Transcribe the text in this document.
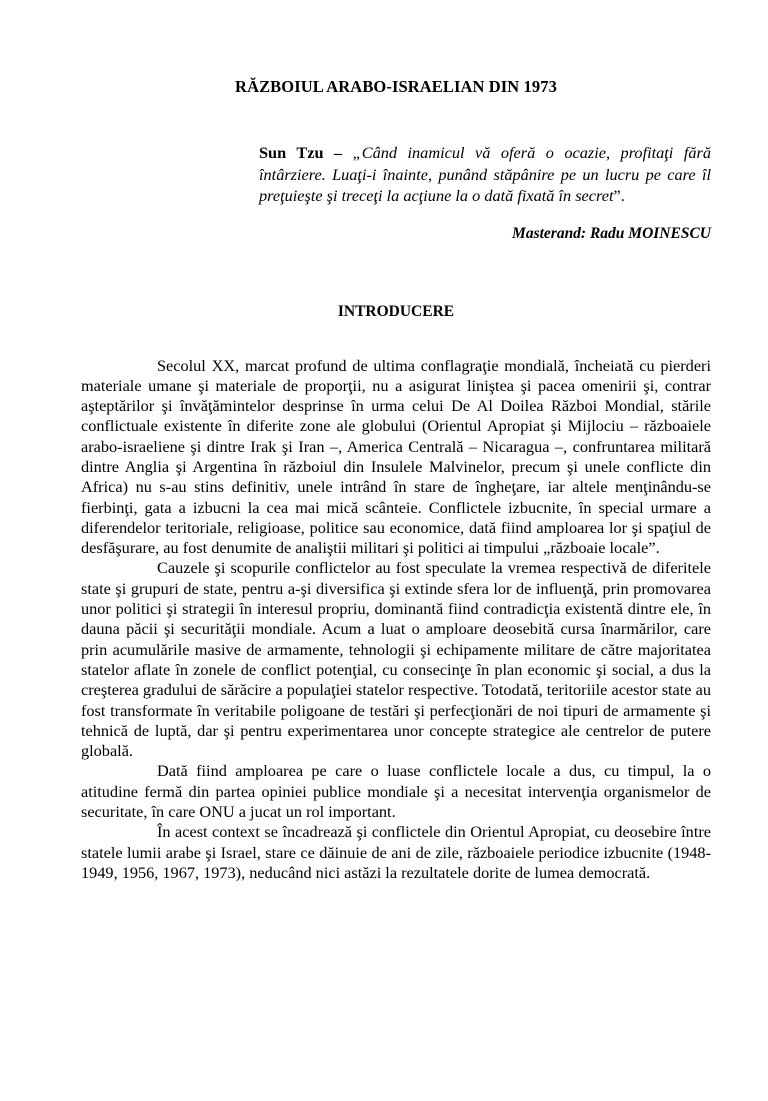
RĂZBOIUL ARABO-ISRAELIAN DIN 1973
Sun Tzu – „Când inamicul vă oferă o ocazie, profitaţi fără întârziere. Luaţi-i înainte, punând stăpânire pe un lucru pe care îl preţuieşte şi treceţi la acţiune la o dată fixată în secret”.
Masterand: Radu MOINESCU
INTRODUCERE

Secolul XX, marcat profund de ultima conflagraţie mondială, încheiată cu pierderi materiale umane şi materiale de proporţii, nu a asigurat liniştea şi pacea omenirii şi, contrar aşteptărilor şi învăţămintelor desprinse în urma celui De Al Doilea Război Mondial, stările conflictuale existente în diferite zone ale globului (Orientul Apropiat şi Mijlociu – războaiele arabo-israeliene şi dintre Irak şi Iran –, America Centrală – Nicaragua –, confruntarea militară dintre Anglia şi Argentina în războiul din Insulele Malvinelor, precum şi unele conflicte din Africa) nu s-au stins definitiv, unele intrând în stare de îngheţare, iar altele menţinându-se fierbinţi, gata a izbucni la cea mai mică scânteie. Conflictele izbucnite, în special urmare a diferendelor teritoriale, religioase, politice sau economice, dată fiind amploarea lor şi spaţiul de desfăşurare, au fost denumite de analiştii militari şi politici ai timpului „războaie locale”.

Cauzele şi scopurile conflictelor au fost speculate la vremea respectivă de diferitele state şi grupuri de state, pentru a-şi diversifica şi extinde sfera lor de influenţă, prin promovarea unor politici şi strategii în interesul propriu, dominantă fiind contradicţia existentă dintre ele, în dauna păcii şi securităţii mondiale. Acum a luat o amploare deosebită cursa înarmărilor, care prin acumulările masive de armamente, tehnologii şi echipamente militare de către majoritatea statelor aflate în zonele de conflict potenţial, cu consecinţe în plan economic şi social, a dus la creşterea gradului de sărăcire a populaţiei statelor respective. Totodată, teritoriile acestor state au fost transformate în veritabile poligoane de testări şi perfecţionări de noi tipuri de armamente şi tehnică de luptă, dar şi pentru experimentarea unor concepte strategice ale centrelor de putere globală.

Dată fiind amploarea pe care o luase conflictele locale a dus, cu timpul, la o atitudine fermă din partea opiniei publice mondiale şi a necesitat intervenţia organismelor de securitate, în care ONU a jucat un rol important.

În acest context se încadrează şi conflictele din Orientul Apropiat, cu deosebire între statele lumii arabe şi Israel, stare ce dăinuie de ani de zile, războaiele periodice izbucnite (1948-1949, 1956, 1967, 1973), neducând nici astăzi la rezultatele dorite de lumea democrată.
